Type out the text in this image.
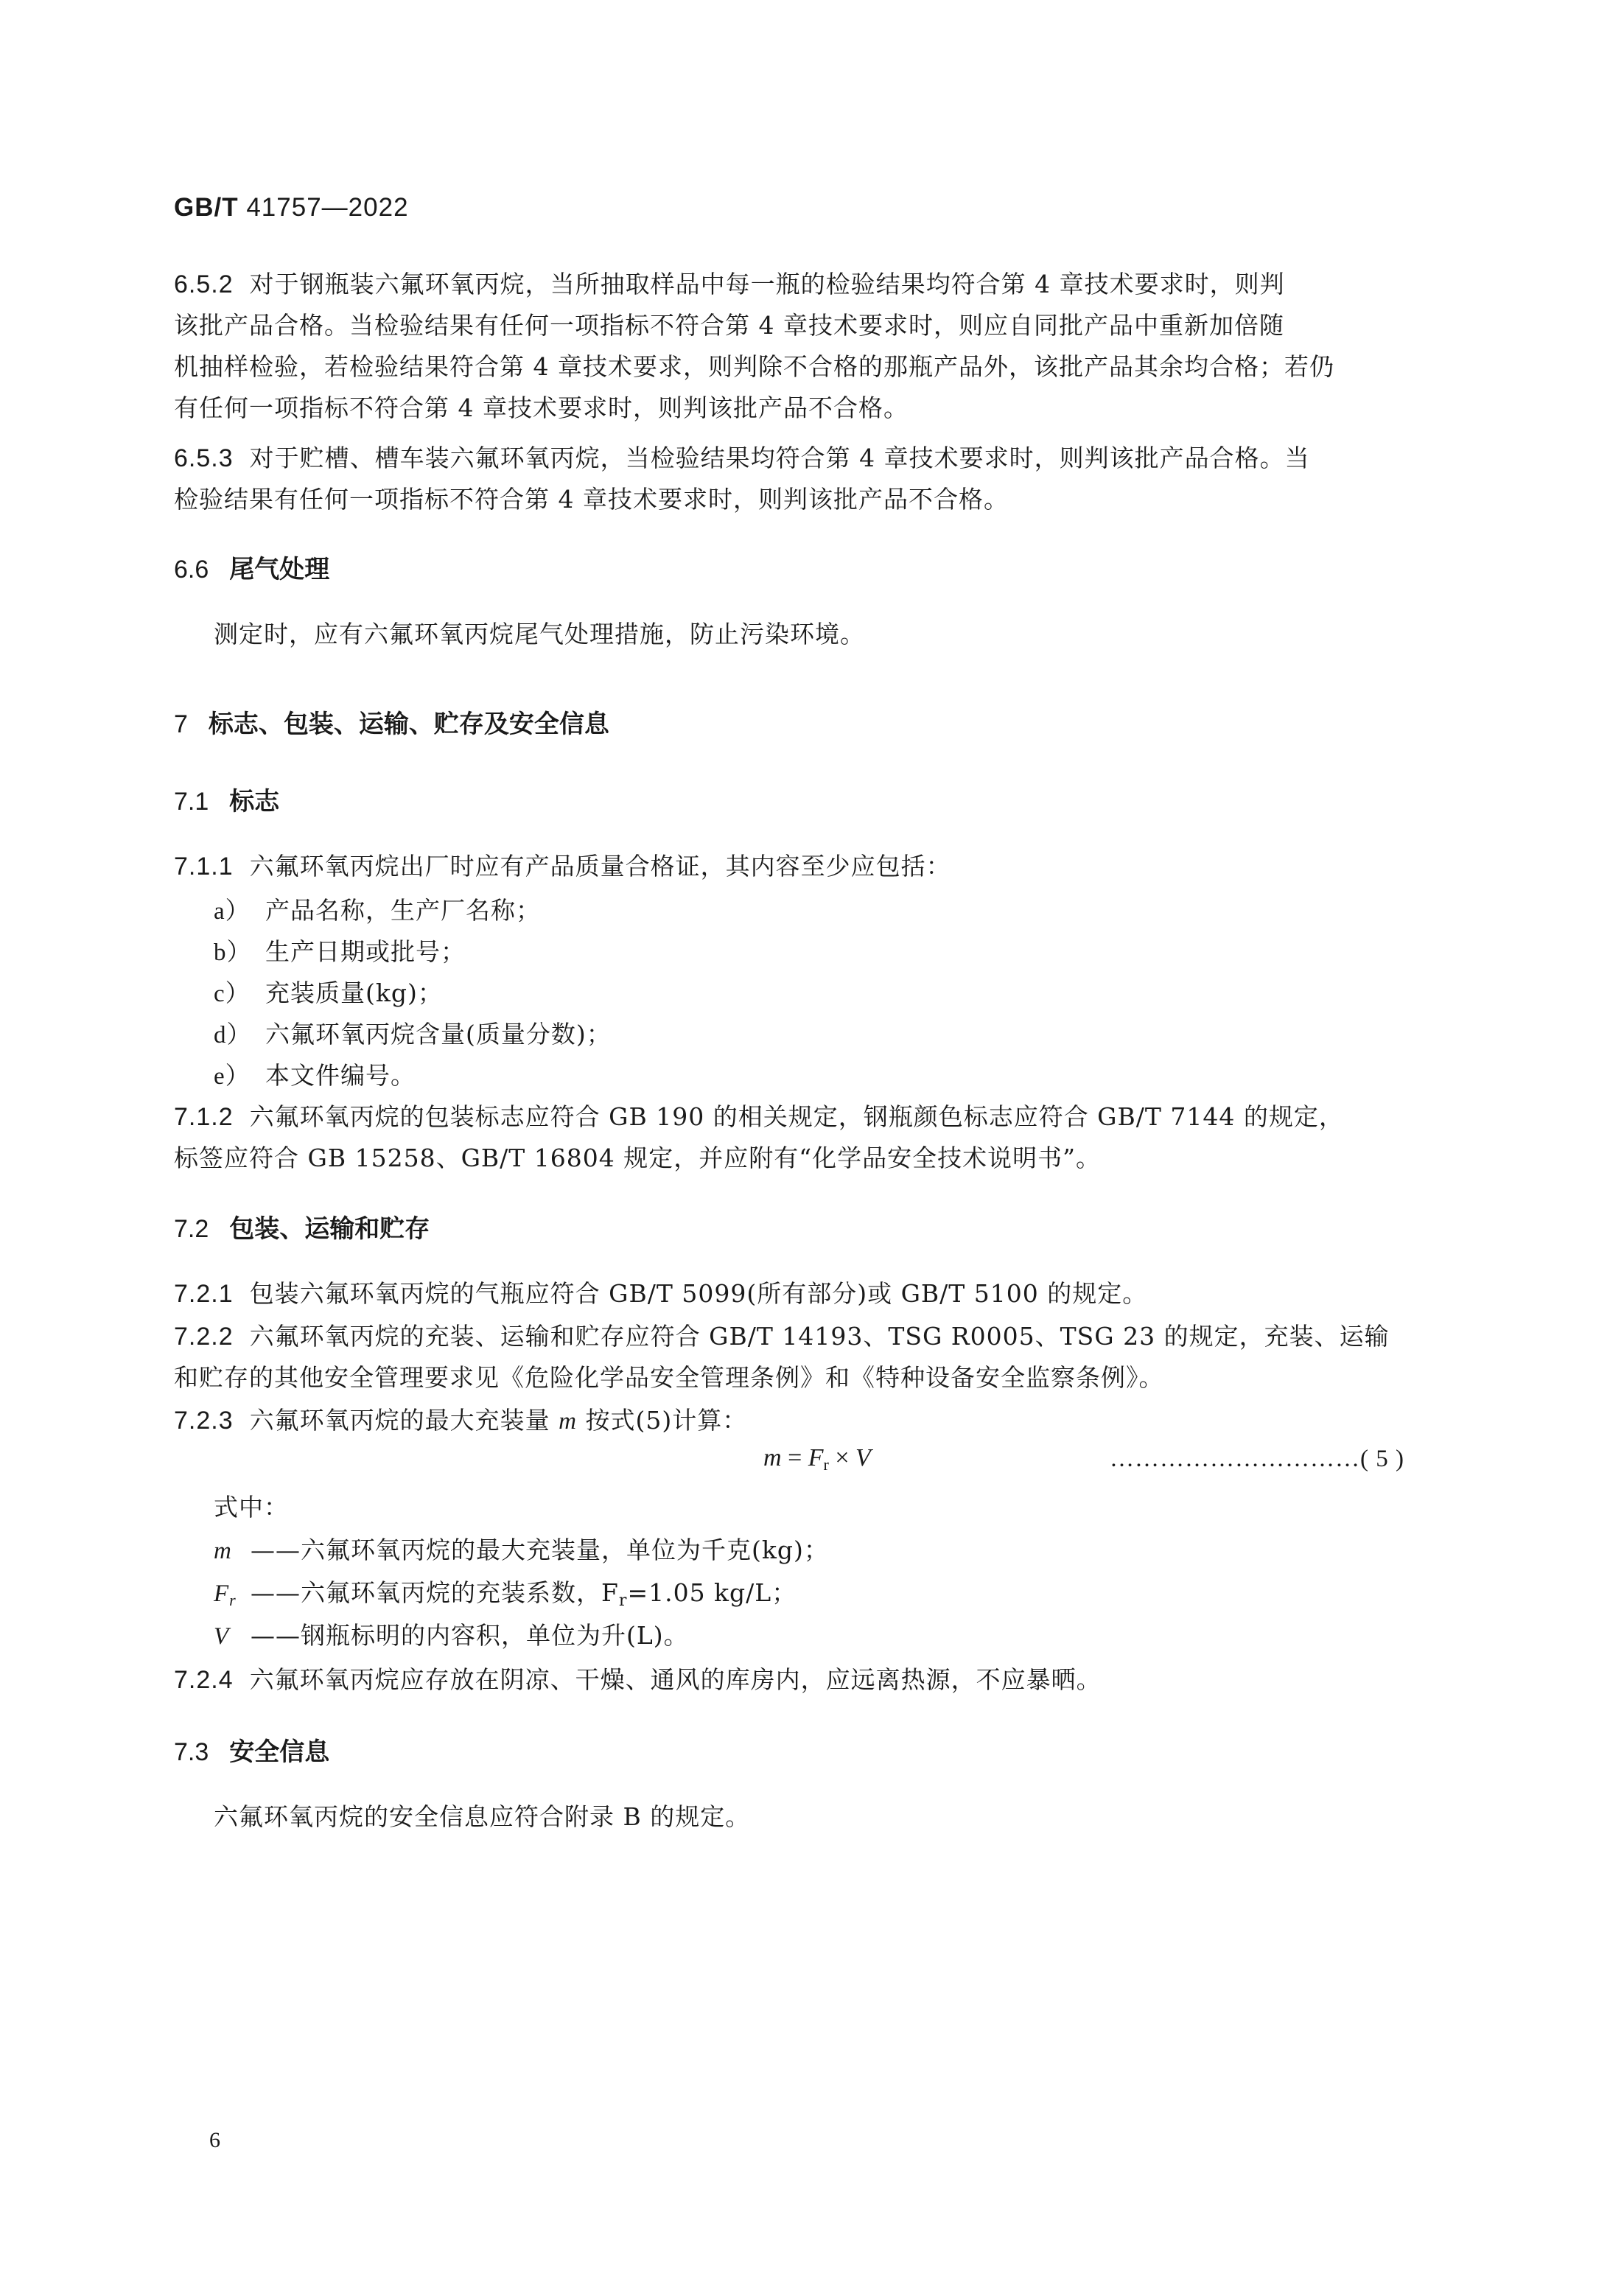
GB/T 41757—2022
6.5.2 对于钢瓶装六氟环氧丙烷，当所抽取样品中每一瓶的检验结果均符合第 4 章技术要求时，则判
该批产品合格。当检验结果有任何一项指标不符合第 4 章技术要求时，则应自同批产品中重新加倍随
机抽样检验，若检验结果符合第 4 章技术要求，则判除不合格的那瓶产品外，该批产品其余均合格；若仍
有任何一项指标不符合第 4 章技术要求时，则判该批产品不合格。
6.5.3 对于贮槽、槽车装六氟环氧丙烷，当检验结果均符合第 4 章技术要求时，则判该批产品合格。当
检验结果有任何一项指标不符合第 4 章技术要求时，则判该批产品不合格。
6.6 尾气处理
测定时，应有六氟环氧丙烷尾气处理措施，防止污染环境。
7 标志、包装、运输、贮存及安全信息
7.1 标志
7.1.1 六氟环氧丙烷出厂时应有产品质量合格证，其内容至少应包括：
a） 产品名称，生产厂名称；
b） 生产日期或批号；
c） 充装质量(kg)；
d） 六氟环氧丙烷含量(质量分数)；
e） 本文件编号。
7.1.2 六氟环氧丙烷的包装标志应符合 GB 190 的相关规定，钢瓶颜色标志应符合 GB/T 7144 的规定，
标签应符合 GB 15258、GB/T 16804 规定，并应附有“化学品安全技术说明书”。
7.2 包装、运输和贮存
7.2.1 包装六氟环氧丙烷的气瓶应符合 GB/T 5099(所有部分)或 GB/T 5100 的规定。
7.2.2 六氟环氧丙烷的充装、运输和贮存应符合 GB/T 14193、TSG R0005、TSG 23 的规定，充装、运输
和贮存的其他安全管理要求见《危险化学品安全管理条例》和《特种设备安全监察条例》。
7.2.3 六氟环氧丙烷的最大充装量 m 按式(5)计算：
$m = F_r \times V$	…………………………( 5 )
式中：
m ——六氟环氧丙烷的最大充装量，单位为千克(kg)；
$F_r$ ——六氟环氧丙烷的充装系数，$F_r=1.05$ kg/L；
V ——钢瓶标明的内容积，单位为升(L)。
7.2.4 六氟环氧丙烷应存放在阴凉、干燥、通风的库房内，应远离热源，不应暴晒。
7.3 安全信息
六氟环氧丙烷的安全信息应符合附录 B 的规定。
6
